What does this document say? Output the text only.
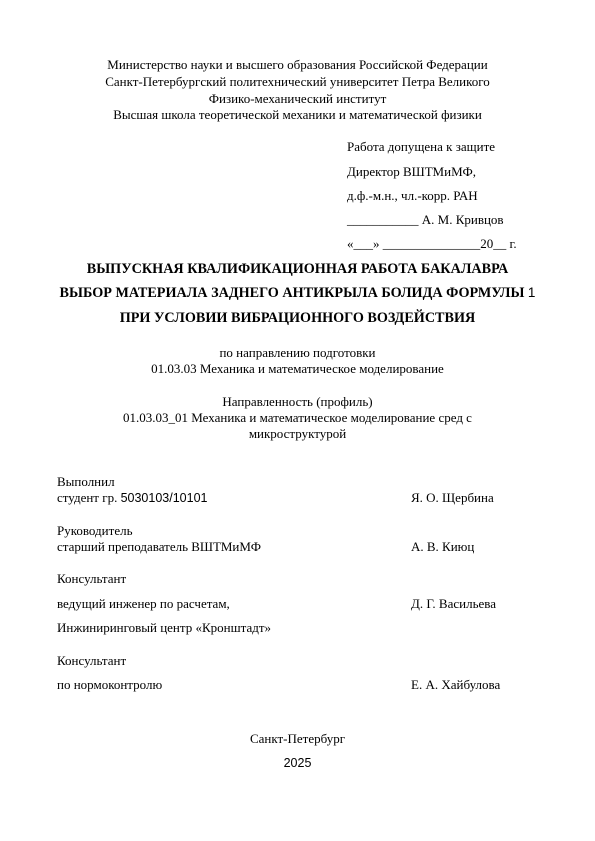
Министерство науки и высшего образования Российской Федерации
Санкт-Петербургский политехнический университет Петра Великого
Физико-механический институт
Высшая школа теоретической механики и математической физики
Работа допущена к защите
Директор ВШТМиМФ,
д.ф.-м.н., чл.-корр. РАН
___________ А. М. Кривцов
«___» _______________20__ г.
ВЫПУСКНАЯ КВАЛИФИКАЦИОННАЯ РАБОТА БАКАЛАВРА
ВЫБОР МАТЕРИАЛА ЗАДНЕГО АНТИКРЫЛА БОЛИДА ФОРМУЛЫ 1
ПРИ УСЛОВИИ ВИБРАЦИОННОГО ВОЗДЕЙСТВИЯ
по направлению подготовки
01.03.03 Механика и математическое моделирование
Направленность (профиль)
01.03.03_01 Механика и математическое моделирование сред с
микроструктурой
Выполнил
студент гр. 5030103/10101	Я. О. Щербина
Руководитель
старший преподаватель ВШТМиМФ	А. В. Киюц
Консультант
ведущий инженер по расчетам,	Д. Г. Васильева
Инжиниринговый центр «Кронштадт»
Консультант
по нормоконтролю	Е. А. Хайбулова
Санкт-Петербург
2025
